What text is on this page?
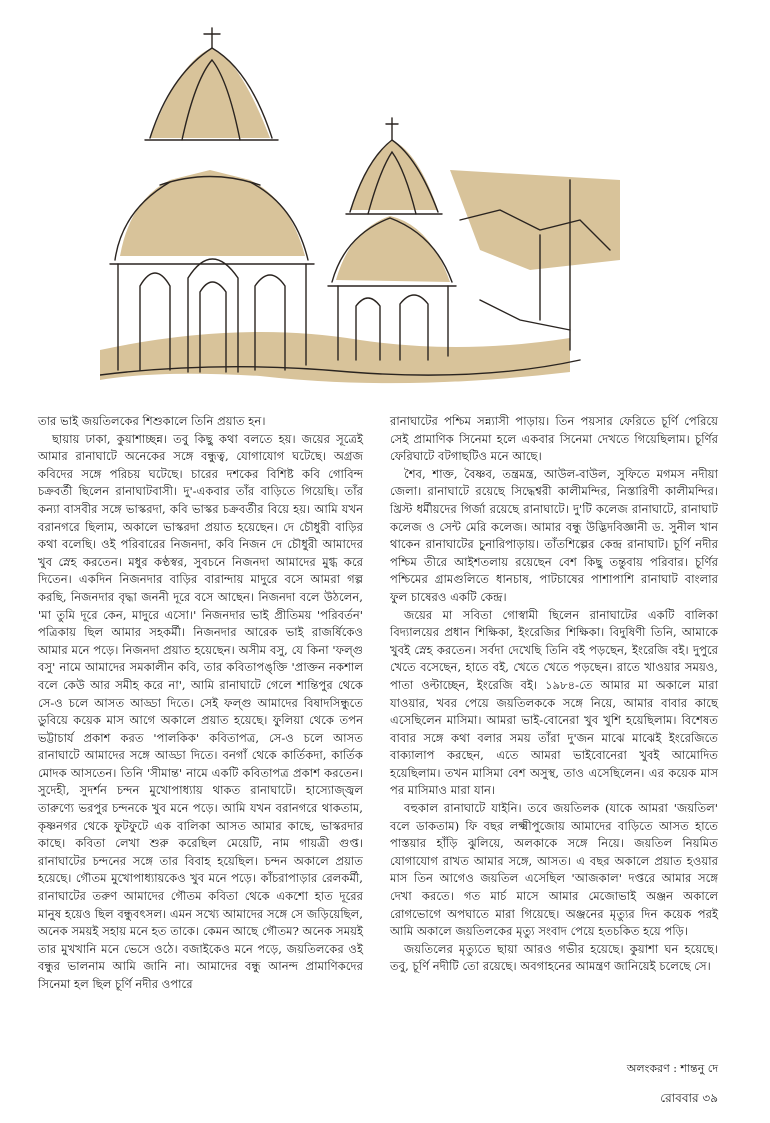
তার ভাই জয়তিলকের শিশুকালে তিনি প্রয়াত হন।

ছায়ায় ঢাকা, কুয়াশাচ্ছন্ন। তবু কিছু কথা বলতে হয়। জয়ের সূত্রেই আমার রানাঘাটে অনেকের সঙ্গে বন্ধুত্ব, যোগাযোগ ঘটেছে। অগ্রজ কবিদের সঙ্গে পরিচয় ঘটেছে। চারের দশকের বিশিষ্ট কবি গোবিন্দ চক্রবর্তী ছিলেন রানাঘাটবাসী। দু'-একবার তাঁর বাড়িতে গিয়েছি। তাঁর কন্যা বাসবীর সঙ্গে ভাস্করদা, কবি ভাস্কর চক্রবর্তীর বিয়ে হয়। আমি যখন বরানগরে ছিলাম, অকালে ভাস্করদা প্রয়াত হয়েছেন। দে চৌধুরী বাড়ির কথা বলেছি। ওই পরিবারের নিজনদা, কবি নিজন দে চৌধুরী আমাদের খুব স্নেহ করতেন। মধুর কণ্ঠস্বর, সুবচনে নিজনদা আমাদের মুগ্ধ করে দিতেন। একদিন নিজনদার বাড়ির বারান্দায় মাদুরে বসে আমরা গল্প করছি, নিজনদার বৃদ্ধা জননী দূরে বসে আছেন। নিজনদা বলে উঠলেন, 'মা তুমি দূরে কেন, মাদুরে এসো।' নিজনদার ভাই প্রীতিময় 'পরিবর্তন' পত্রিকায় ছিল আমার সহকর্মী। নিজনদার আরেক ভাই রাজর্ষিকেও আমার মনে পড়ে। নিজনদা প্রয়াত হয়েছেন। অসীম বসু, যে কিনা 'ফল্গু বসু' নামে আমাদের সমকালীন কবি, তার কবিতাপঙ্‌ক্তি 'প্রাক্তন নকশাল বলে কেউ আর সমীহ করে না', আমি রানাঘাটে গেলে শান্তিপুর থেকে সে-ও চলে আসত আড্ডা দিতে। সেই ফল্গু আমাদের বিষাদসিন্ধুতে ডুবিয়ে কয়েক মাস আগে অকালে প্রয়াত হয়েছে। ফুলিয়া থেকে তপন ভট্টাচার্য প্রকাশ করত 'পালকিক' কবিতাপত্র, সে-ও চলে আসত রানাঘাটে আমাদের সঙ্গে আড্ডা দিতে। বনগাঁ থেকে কার্তিকদা, কার্তিক মোদক আসতেন। তিনি 'সীমান্ত' নামে একটি কবিতাপত্র প্রকাশ করতেন। সুদেহী, সুদর্শন চন্দন মুখোপাধ্যায় থাকত রানাঘাটে। হাস্যোজ্জ্বল তারুণ্যে ভরপুর চন্দনকে খুব মনে পড়ে। আমি যখন বরানগরে থাকতাম, কৃষ্ণনগর থেকে ফুটফুটে এক বালিকা আসত আমার কাছে, ভাস্করদার কাছে। কবিতা লেখা শুরু করেছিল মেয়েটি, নাম গায়ত্রী গুপ্ত। রানাঘাটের চন্দনের সঙ্গে তার বিবাহ হয়েছিল। চন্দন অকালে প্রয়াত হয়েছে। গৌতম মুখোপাধ্যায়কেও খুব মনে পড়ে। কাঁচরাপাড়ার রেলকর্মী, রানাঘাটের তরুণ আমাদের গৌতম কবিতা থেকে একশো হাত দূরের মানুষ হয়েও ছিল বন্ধুবৎসল। এমন সখ্যে আমাদের সঙ্গে সে জড়িয়েছিল, অনেক সময়ই সহায় মনে হত তাকে। কেমন আছে গৌতম? অনেক সময়ই তার মুখখানি মনে ভেসে ওঠে। বজাইকেও মনে পড়ে, জয়তিলকের ওই বন্ধুর ভালনাম আমি জানি না। আমাদের বন্ধু আনন্দ প্রামাণিকদের সিনেমা হল ছিল চূর্ণি নদীর ওপারে

রানাঘাটের পশ্চিম সন্ন্যাসী পাড়ায়। তিন পয়সার ফেরিতে চূর্ণি পেরিয়ে সেই প্রামাণিক সিনেমা হলে একবার সিনেমা দেখতে গিয়েছিলাম। চূর্ণির ফেরিঘাটে বটগাছটিও মনে আছে।

শৈব, শাক্ত, বৈষ্ণব, তন্ত্রমন্ত্র, আউল-বাউল, সুফিতে মগমস নদীয়া জেলা। রানাঘাটে রয়েছে সিদ্ধেশ্বরী কালীমন্দির, নিস্তারিণী কালীমন্দির। খ্রিস্ট ধর্মীয়দের গির্জা রয়েছে রানাঘাটে। দু'টি কলেজ রানাঘাটে, রানাঘাট কলেজ ও সেন্ট মেরি কলেজ। আমার বন্ধু উদ্ভিদবিজ্ঞানী ড. সুনীল খান থাকেন রানাঘাটের চুনারিপাড়ায়। তাঁতশিল্পের কেন্দ্র রানাঘাট। চূর্ণি নদীর পশ্চিম তীরে আইশতলায় রয়েছেন বেশ কিছু তন্তুবায় পরিবার। চূর্ণির পশ্চিমের গ্রামগুলিতে ধানচাষ, পাটচাষের পাশাপাশি রানাঘাট বাংলার ফুল চাষেরও একটি কেন্দ্র।

জয়ের মা সবিতা গোস্বামী ছিলেন রানাঘাটের একটি বালিকা বিদ্যালয়ের প্রধান শিক্ষিকা, ইংরেজির শিক্ষিকা। বিদুষিণী তিনি, আমাকে খুবই স্নেহ করতেন। সর্বদা দেখেছি তিনি বই পড়ছেন, ইংরেজি বই। দুপুরে খেতে বসেছেন, হাতে বই, খেতে খেতে পড়ছেন। রাতে খাওয়ার সময়ও, পাতা ওল্টাচ্ছেন, ইংরেজি বই। ১৯৮৪-তে আমার মা অকালে মারা যাওয়ার, খবর পেয়ে জয়তিলককে সঙ্গে নিয়ে, আমার বাবার কাছে এসেছিলেন মাসিমা। আমরা ভাই-বোনেরা খুব খুশি হয়েছিলাম। বিশেষত বাবার সঙ্গে কথা বলার সময় তাঁরা দু'জন মাঝে মাঝেই ইংরেজিতে বাক্যালাপ করছেন, এতে আমরা ভাইবোনেরা খুবই আমোদিত হয়েছিলাম। তখন মাসিমা বেশ অসুস্থ, তাও এসেছিলেন। এর কয়েক মাস পর মাসিমাও মারা যান।

বহুকাল রানাঘাটে যাইনি। তবে জয়তিলক (যাকে আমরা 'জয়তিল' বলে ডাকতাম) ফি বছর লক্ষ্মীপুজোয় আমাদের বাড়িতে আসত হাতে পাস্তয়ার হাঁড়ি ঝুলিয়ে, অলকাকে সঙ্গে নিয়ে। জয়তিল নিয়মিত যোগাযোগ রাখত আমার সঙ্গে, আসত। এ বছর অকালে প্রয়াত হওয়ার মাস তিন আগেও জয়তিল এসেছিল 'আজকাল' দপ্তরে আমার সঙ্গে দেখা করতে। গত মার্চ মাসে আমার মেজোভাই অঞ্জন অকালে রোগভোগে অপঘাতে মারা গিয়েছে। অঞ্জনের মৃত্যুর দিন কয়েক পরই আমি অকালে জয়তিলকের মৃত্যু সংবাদ পেয়ে হতচকিত হয়ে পড়ি।

জয়তিলের মৃত্যুতে ছায়া আরও গভীর হয়েছে। কুয়াশা ঘন হয়েছে। তবু, চূর্ণি নদীটি তো রয়েছে। অবগাহনের আমন্ত্রণ জানিয়েই চলেছে সে।

অলংকরণ : শান্তনু দে
রোববার ৩৯
